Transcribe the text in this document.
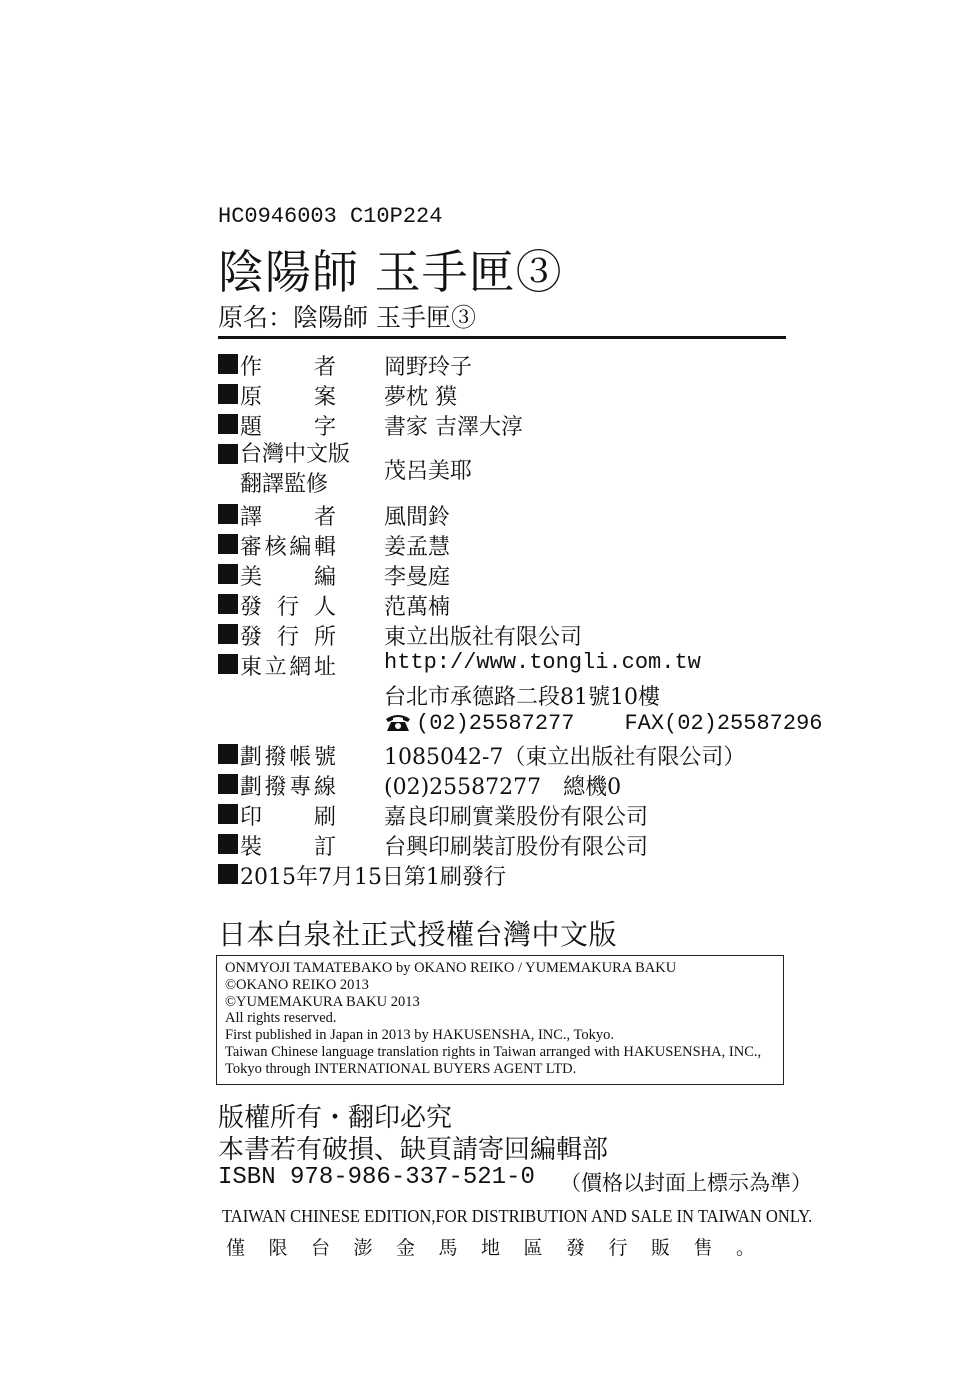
HC0946003 C10P224
陰陽師 玉手匣③
原名：陰陽師 玉手匣③
作　　者 岡野玲子
原　　案 夢枕 獏
題　　字 書家 吉澤大淳
台灣中文版
翻譯監修
茂呂美耶
譯　　者 風間鈴
審核編輯 姜孟慧
美　　編 李曼庭
發 行 人 范萬楠
發 行 所 東立出版社有限公司
東立網址 http://www.tongli.com.tw
台北市承德路二段81號10樓
(02)25587277 FAX(02)25587296
劃撥帳號 1085042-7（東立出版社有限公司）
劃撥專線 (02)25587277　總機0
印　　刷 嘉良印刷實業股份有限公司
裝　　訂 台興印刷裝訂股份有限公司
2015年7月15日第1刷發行
日本白泉社正式授權台灣中文版
ONMYOJI TAMATEBAKO by OKANO REIKO / YUMEMAKURA BAKU
©OKANO REIKO 2013
©YUMEMAKURA BAKU 2013
All rights reserved.
First published in Japan in 2013 by HAKUSENSHA, INC., Tokyo.
Taiwan Chinese language translation rights in Taiwan arranged with HAKUSENSHA, INC.,
Tokyo through INTERNATIONAL BUYERS AGENT LTD.
版權所有・翻印必究
本書若有破損、缺頁請寄回編輯部
ISBN 978-986-337-521-0 （價格以封面上標示為準）
TAIWAN CHINESE EDITION,FOR DISTRIBUTION AND SALE IN TAIWAN ONLY.
僅限台澎金馬地區發行販售。
